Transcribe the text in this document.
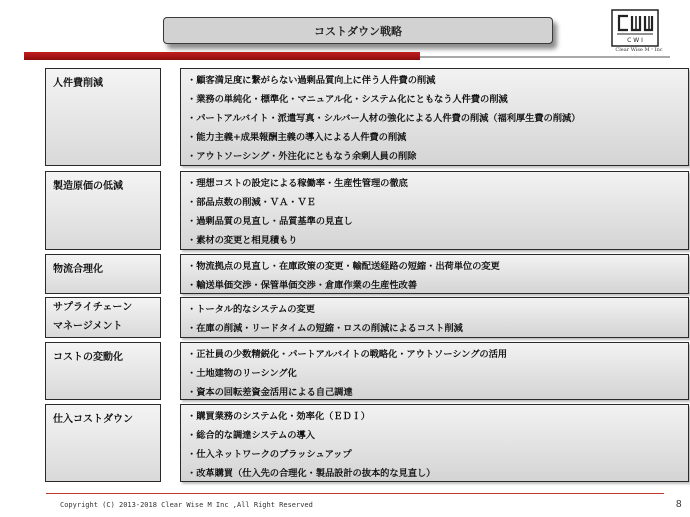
コストダウン戦略
C W I
Clear Wise M・Inc
人件費削減	・顧客満足度に繋がらない過剰品質向上に伴う人件費の削減
・業務の単純化・標準化・マニュアル化・システム化にともなう人件費の削減
・パートアルバイト・派遣写真・シルバー人材の強化による人件費の削減（福利厚生費の削減）
・能力主義+成果報酬主義の導入による人件費の削減
・アウトソーシング・外注化にともなう余剰人員の削除
製造原価の低減	・理想コストの設定による稼働率・生産性管理の徹底
・部品点数の削減・ＶＡ・ＶＥ
・過剰品質の見直し・品質基準の見直し
・素材の変更と相見積もり
物流合理化	・物流拠点の見直し・在庫政策の変更・輸配送経路の短縮・出荷単位の変更
・輸送単価交渉・保管単価交渉・倉庫作業の生産性改善
サプライチェーン
マネージメント
・トータル的なシステムの変更
・在庫の削減・リードタイムの短縮・ロスの削減によるコスト削減
コストの変動化	・正社員の少数精鋭化・パートアルバイトの戦略化・アウトソーシングの活用
・土地建物のリーシング化
・資本の回転差資金活用による自己調達
仕入コストダウン	・購買業務のシステム化・効率化（ＥＤＩ）
・総合的な調達システムの導入
・仕入ネットワークのブラッシュアップ
・改革購買（仕入先の合理化・製品設計の抜本的な見直し）
Copyright (C) 2013-2018 Clear Wise M Inc ,All Right Reserved	8
